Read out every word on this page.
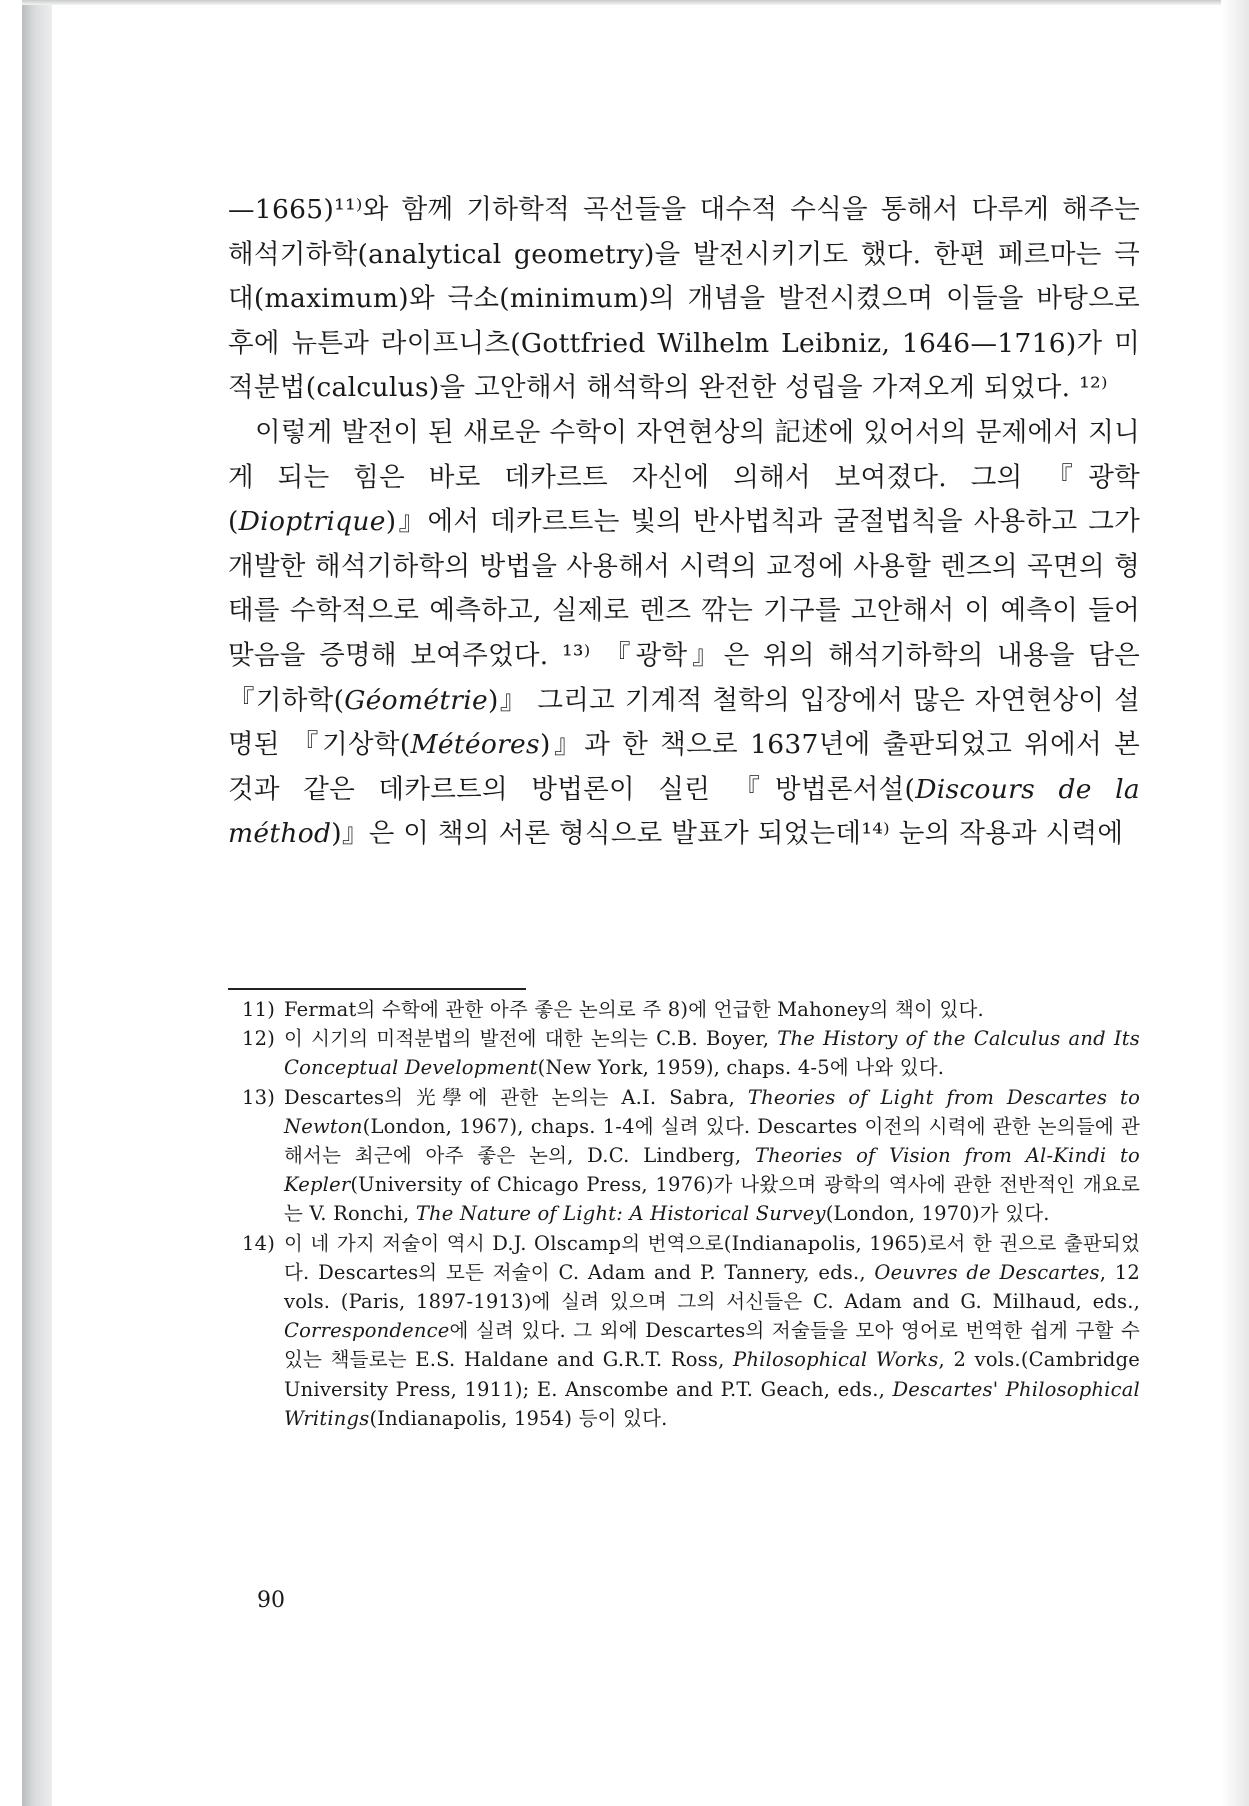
—1665)¹¹⁾와 함께 기하학적 곡선들을 대수적 수식을 통해서 다루게 해주는 해석기하학(analytical geometry)을 발전시키기도 했다. 한편 페르마는 극대(maximum)와 극소(minimum)의 개념을 발전시켰으며 이들을 바탕으로 후에 뉴튼과 라이프니츠(Gottfried Wilhelm Leibniz, 1646—1716)가 미적분법(calculus)을 고안해서 해석학의 완전한 성립을 가져오게 되었다. ¹²⁾

이렇게 발전이 된 새로운 수학이 자연현상의 記述에 있어서의 문제에서 지니게 되는 힘은 바로 데카르트 자신에 의해서 보여졌다. 그의 『광학(Dioptrique)』에서 데카르트는 빛의 반사법칙과 굴절법칙을 사용하고 그가 개발한 해석기하학의 방법을 사용해서 시력의 교정에 사용할 렌즈의 곡면의 형태를 수학적으로 예측하고, 실제로 렌즈 깎는 기구를 고안해서 이 예측이 들어맞음을 증명해 보여주었다. ¹³⁾ 『광학』은 위의 해석기하학의 내용을 담은 『기하학(Géométrie)』 그리고 기계적 철학의 입장에서 많은 자연현상이 설명된 『기상학(Météores)』과 한 책으로 1637년에 출판되었고 위에서 본 것과 같은 데카르트의 방법론이 실린 『방법론서설(Discours de la méthod)』은 이 책의 서론 형식으로 발표가 되었는데¹⁴⁾ 눈의 작용과 시력에

11) Fermat의 수학에 관한 아주 좋은 논의로 주 8)에 언급한 Mahoney의 책이 있다.
12) 이 시기의 미적분법의 발전에 대한 논의는 C.B. Boyer, The History of the Calculus and Its Conceptual Development(New York, 1959), chaps. 4-5에 나와 있다.
13) Descartes의 光學에 관한 논의는 A.I. Sabra, Theories of Light from Descartes to Newton(London, 1967), chaps. 1-4에 실려 있다. Descartes 이전의 시력에 관한 논의들에 관해서는 최근에 아주 좋은 논의, D.C. Lindberg, Theories of Vision from Al-Kindi to Kepler(University of Chicago Press, 1976)가 나왔으며 광학의 역사에 관한 전반적인 개요로는 V. Ronchi, The Nature of Light: A Historical Survey(London, 1970)가 있다.
14) 이 네 가지 저술이 역시 D.J. Olscamp의 번역으로(Indianapolis, 1965)로서 한 권으로 출판되었다. Descartes의 모든 저술이 C. Adam and P. Tannery, eds., Oeuvres de Descartes, 12 vols. (Paris, 1897-1913)에 실려 있으며 그의 서신들은 C. Adam and G. Milhaud, eds., Correspondence에 실려 있다. 그 외에 Descartes의 저술들을 모아 영어로 번역한 쉽게 구할 수 있는 책들로는 E.S. Haldane and G.R.T. Ross, Philosophical Works, 2 vols.(Cambridge University Press, 1911); E. Anscombe and P.T. Geach, eds., Descartes' Philosophical Writings(Indianapolis, 1954) 등이 있다.
90
